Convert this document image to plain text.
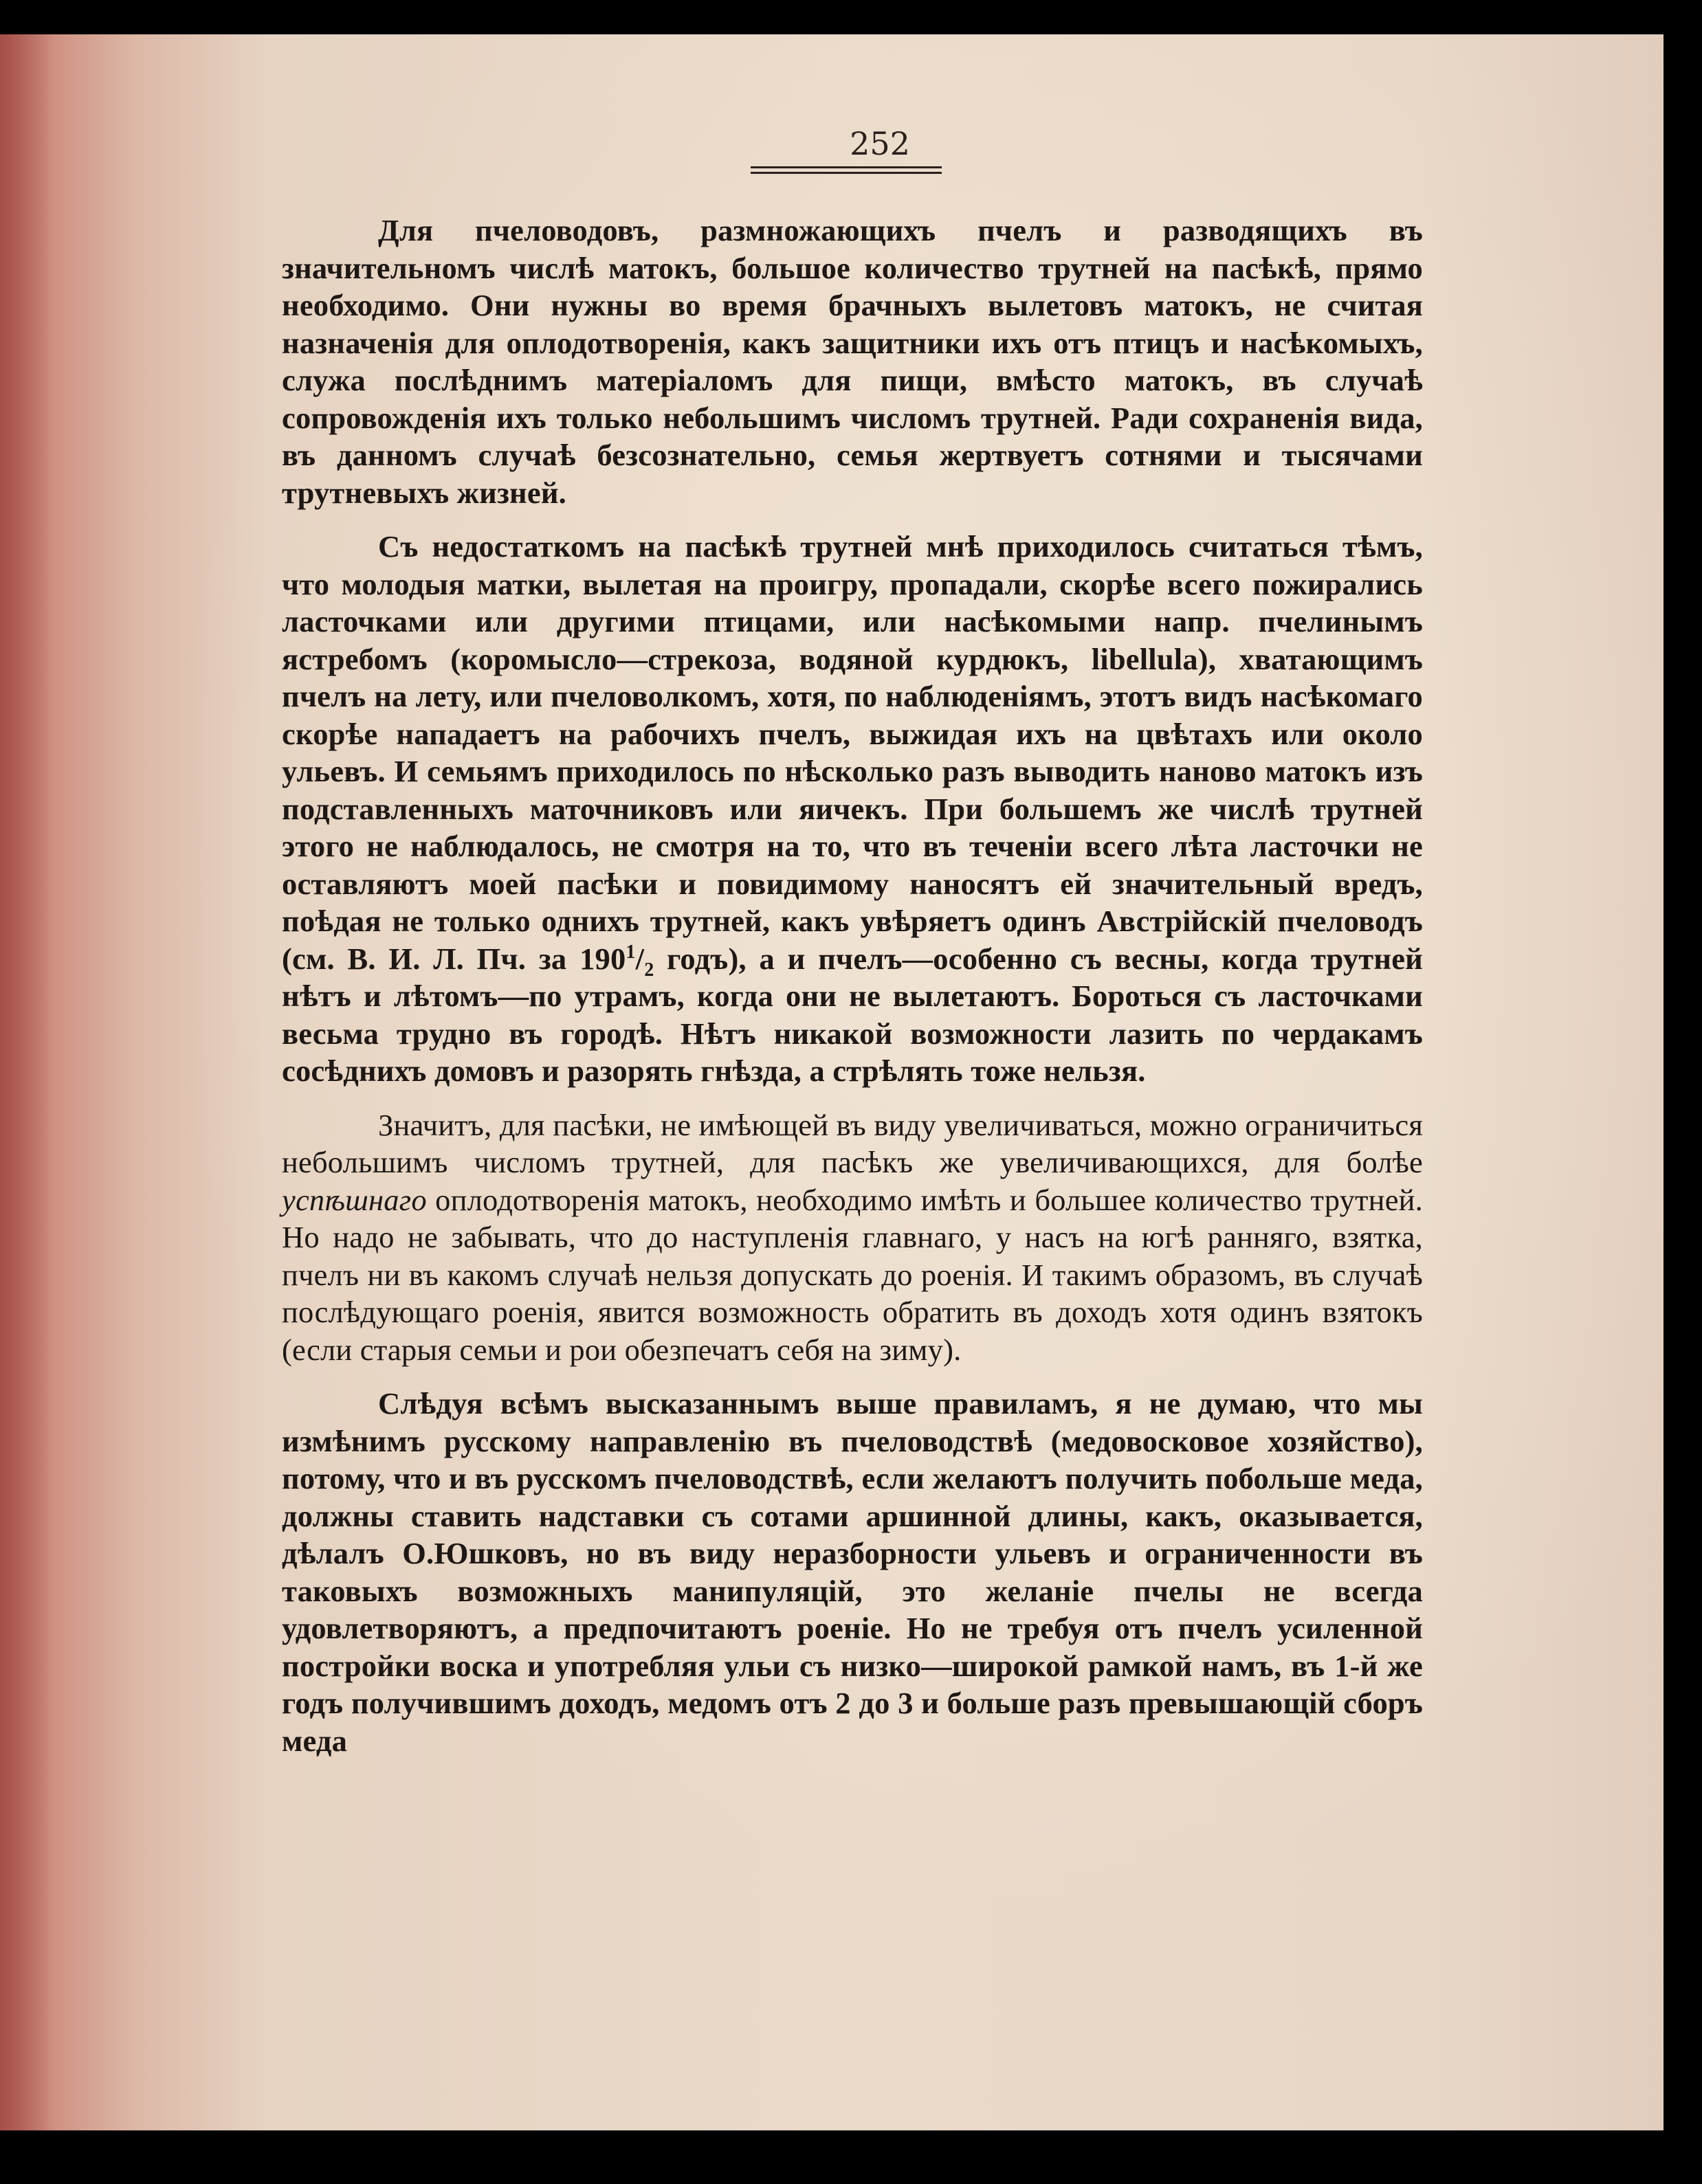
252

Для пчеловодовъ, размножающихъ пчелъ и разводящихъ въ значительномъ числѣ матокъ, большое количество трутней на пасѣкѣ, прямо необходимо. Они нужны во время брачныхъ вылетовъ матокъ, не считая назначенія для оплодотворенія, какъ защитники ихъ отъ птицъ и насѣкомыхъ, служа послѣднимъ матеріаломъ для пищи, вмѣсто матокъ, въ случаѣ сопровожденія ихъ только небольшимъ числомъ трутней. Ради сохраненія вида, въ данномъ случаѣ безсознательно, семья жертвуетъ сотнями и тысячами трутневыхъ жизней.

Съ недостаткомъ на пасѣкѣ трутней мнѣ приходилось считаться тѣмъ, что молодыя матки, вылетая на проигру, пропадали, скорѣе всего пожирались ласточками или другими птицами, или насѣкомыми напр. пчелинымъ ястребомъ (коромысло—стрекоза, водяной курдюкъ, libellula), хватающимъ пчелъ на лету, или пчеловолкомъ, хотя, по наблюденіямъ, этотъ видъ насѣкомаго скорѣе нападаетъ на рабочихъ пчелъ, выжидая ихъ на цвѣтахъ или около ульевъ. И семьямъ приходилось по нѣсколько разъ выводить наново матокъ изъ подставленныхъ маточниковъ или яичекъ. При большемъ же числѣ трутней этого не наблюдалось, не смотря на то, что въ теченіи всего лѣта ласточки не оставляютъ моей пасѣки и повидимому наносятъ ей значительный вредъ, поѣдая не только однихъ трутней, какъ увѣряетъ одинъ Австрійскій пчеловодъ (см. В. И. Л. Пч. за $190^1/_2$ годъ), а и пчелъ—особенно съ весны, когда трутней нѣтъ и лѣтомъ—по утрамъ, когда они не вылетаютъ. Бороться съ ласточками весьма трудно въ городѣ. Нѣтъ никакой возможности лазить по чердакамъ сосѣднихъ домовъ и разорять гнѣзда, а стрѣлять тоже нельзя.

Значитъ, для пасѣки, не имѣющей въ виду увеличиваться, можно ограничиться небольшимъ числомъ трутней, для пасѣкъ же увеличивающихся, для болѣе успѣшнаго оплодотворенія матокъ, необходимо имѣть и большее количество трутней. Но надо не забывать, что до наступленія главнаго, у насъ на югѣ ранняго, взятка, пчелъ ни въ какомъ случаѣ нельзя допускать до роенія. И такимъ образомъ, въ случаѣ послѣдующаго роенія, явится возможность обратить въ доходъ хотя одинъ взятокъ (если старыя семьи и рои обезпечатъ себя на зиму).

Слѣдуя всѣмъ высказаннымъ выше правиламъ, я не думаю, что мы измѣнимъ русскому направленію въ пчеловодствѣ (медовосковое хозяйство), потому, что и въ русскомъ пчеловодствѣ, если желаютъ получить побольше меда, должны ставить надставки съ сотами аршинной длины, какъ, оказывается, дѣлалъ О.Юшковъ, но въ виду неразборности ульевъ и ограниченности въ таковыхъ возможныхъ манипуляцій, это желаніе пчелы не всегда удовлетворяютъ, а предпочитаютъ роеніе. Но не требуя отъ пчелъ усиленной постройки воска и употребляя ульи съ низко—широкой рамкой намъ, въ 1-й же годъ получившимъ доходъ, медомъ отъ 2 до 3 и больше разъ превышающій сборъ меда
